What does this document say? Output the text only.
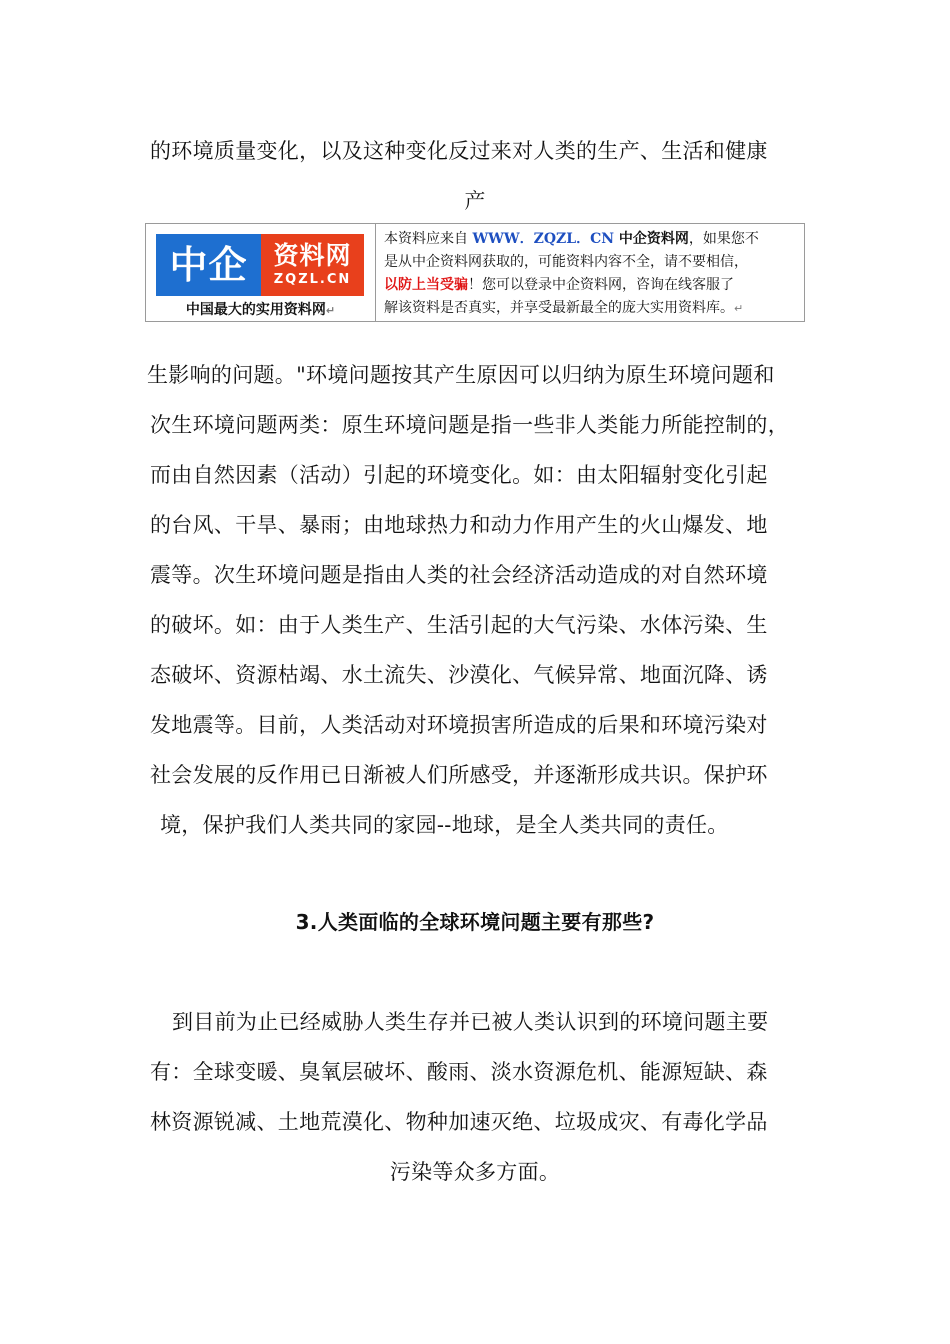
的环境质量变化，以及这种变化反过来对人类的生产、生活和健康
产
中企	资料网
ZQZL.CN
中国最大的实用资料网↵
本资料应来自 WWW．ZQZL．CN 中企资料网，如果您不
是从中企资料网获取的，可能资料内容不全，请不要相信，
以防上当受骗！您可以登录中企资料网，咨询在线客服了
解该资料是否真实，并享受最新最全的庞大实用资料库。↵
生影响的问题。"环境问题按其产生原因可以归纳为原生环境问题和
次生环境问题两类：原生环境问题是指一些非人类能力所能控制的，
而由自然因素（活动）引起的环境变化。如：由太阳辐射变化引起
的台风、干旱、暴雨；由地球热力和动力作用产生的火山爆发、地
震等。次生环境问题是指由人类的社会经济活动造成的对自然环境
的破坏。如：由于人类生产、生活引起的大气污染、水体污染、生
态破坏、资源枯竭、水土流失、沙漠化、气候异常、地面沉降、诱
发地震等。目前，人类活动对环境损害所造成的后果和环境污染对
社会发展的反作用已日渐被人们所感受，并逐渐形成共识。保护环
境，保护我们人类共同的家园--地球，是全人类共同的责任。
3.人类面临的全球环境问题主要有那些?
到目前为止已经威胁人类生存并已被人类认识到的环境问题主要
有：全球变暖、臭氧层破坏、酸雨、淡水资源危机、能源短缺、森
林资源锐减、土地荒漠化、物种加速灭绝、垃圾成灾、有毒化学品
污染等众多方面。
